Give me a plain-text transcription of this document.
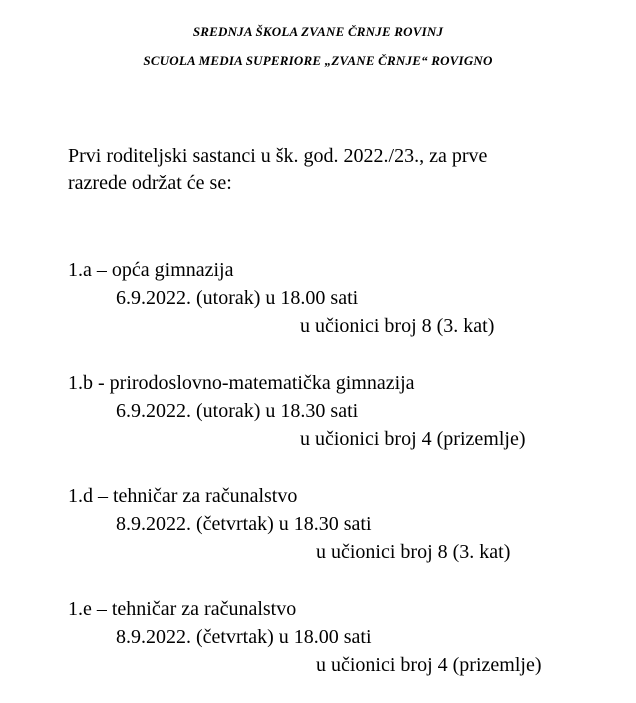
SREDNJA ŠKOLA ZVANE ČRNJE ROVINJ
SCUOLA MEDIA SUPERIORE „ZVANE ČRNJE“ ROVIGNO
Prvi roditeljski sastanci u šk. god. 2022./23., za prve
razrede održat će se:
1.a – opća gimnazija
6.9.2022. (utorak) u 18.00 sati
u učionici broj 8 (3. kat)
1.b - prirodoslovno-matematička gimnazija
6.9.2022. (utorak) u 18.30 sati
u učionici broj 4 (prizemlje)
1.d – tehničar za računalstvo
8.9.2022. (četvrtak) u 18.30 sati
u učionici broj 8 (3. kat)
1.e – tehničar za računalstvo
8.9.2022. (četvrtak) u 18.00 sati
u učionici broj 4 (prizemlje)
